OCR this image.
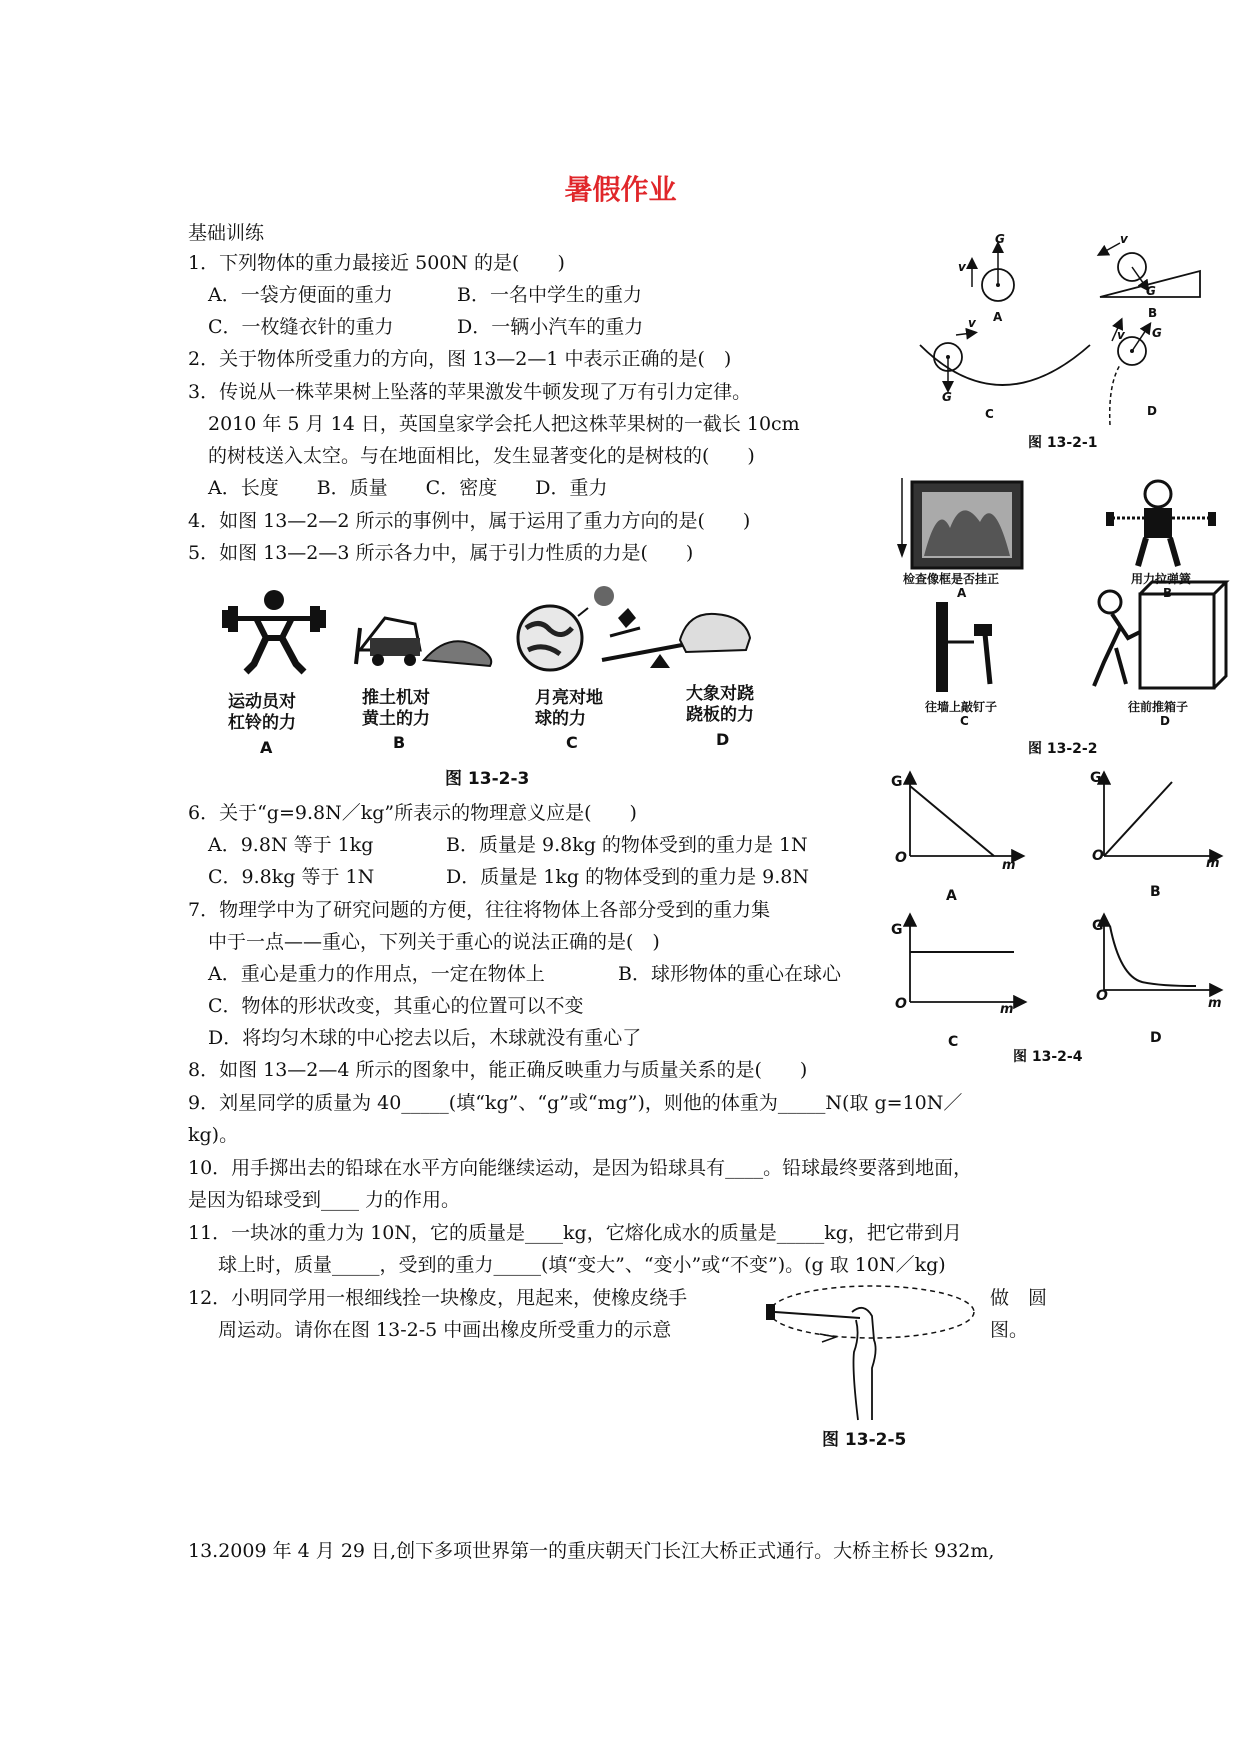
暑假作业
基础训练
1．下列物体的重力最接近 500N 的是(　　)
A．一袋方便面的重力	B．一名中学生的重力
C．一枚缝衣针的重力	D．一辆小汽车的重力
2．关于物体所受重力的方向，图 13—2—1 中表示正确的是(　)
3．传说从一株苹果树上坠落的苹果激发牛顿发现了万有引力定律。
2010 年 5 月 14 日，英国皇家学会托人把这株苹果树的一截长 10cm
的树枝送入太空。与在地面相比，发生显著变化的是树枝的(　　)
A．长度　　B．质量　　C．密度　　D．重力
4．如图 13—2—2 所示的事例中，属于运用了重力方向的是(　　)
5．如图 13—2—3 所示各力中，属于引力性质的力是(　　)
运动员对
杠铃的力
A
推土机对
黄土的力
B
月亮对地
球的力
C
大象对跷
跷板的力
D
图 13-2-3
6．关于“g=9.8N／kg”所表示的物理意义应是(　　)
A．9.8N 等于 1kg	B．质量是 9.8kg 的物体受到的重力是 1N
C．9.8kg 等于 1N	D．质量是 1kg 的物体受到的重力是 9.8N
7．物理学中为了研究问题的方便，往往将物体上各部分受到的重力集
中于一点——重心，下列关于重心的说法正确的是(　)
A．重心是重力的作用点，一定在物体上	B．球形物体的重心在球心
C．物体的形状改变，其重心的位置可以不变
D．将均匀木球的中心挖去以后，木球就没有重心了
8．如图 13—2—4 所示的图象中，能正确反映重力与质量关系的是(　　)
9．刘星同学的质量为 40_____(填“kg”、“g”或“mg”)，则他的体重为_____N(取 g=10N／
kg)。
10．用手掷出去的铅球在水平方向能继续运动，是因为铅球具有____。铅球最终要落到地面，
是因为铅球受到____ 力的作用。
11．一块冰的重力为 10N，它的质量是____kg，它熔化成水的质量是_____kg，把它带到月
球上时，质量_____，受到的重力_____(填“变大”、“变小”或“不变”)。(g 取 10N／kg)
12．小明同学用一根细线拴一块橡皮，甩起来，使橡皮绕手	做　圆
周运动。请你在图 13-2-5 中画出橡皮所受重力的示意	图。
图 13-2-5
13.2009 年 4 月 29 日,创下多项世界第一的重庆朝天门长江大桥正式通行。大桥主桥长 932m,
G
v
A
v
G
B
v
G
C
v G
D
图 13-2-1
检查像框是否挂正
A
用力拉弹簧
B
往墙上敲钉子
C
往前推箱子
D
图 13-2-2
G
O	m
A
G
O	m
B
G
O	m
C
G
O	m
D
图 13-2-4
